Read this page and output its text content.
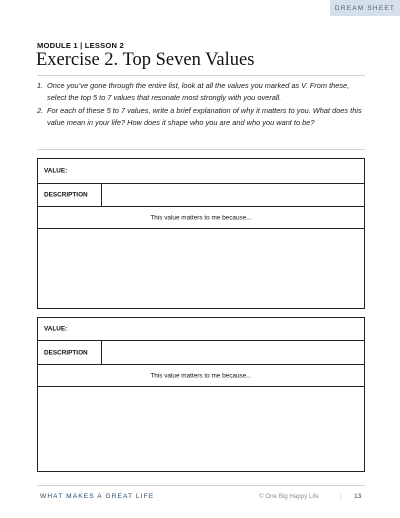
DREAM SHEET
MODULE 1 | LESSON 2
Exercise 2. Top Seven Values
1. Once you’ve gone through the entire list, look at all the values you marked as V. From these, select the top 5 to 7 values that resonate most strongly with you overall.
2. For each of these 5 to 7 values, write a brief explanation of why it matters to you. What does this value mean in your life? How does it shape who you are and who you want to be?
VALUE:
DESCRIPTION
This value matters to me because...
VALUE:
DESCRIPTION
This value matters to me because...
WHAT MAKES A GREAT LIFE	© One Big Happy Life	| 13
